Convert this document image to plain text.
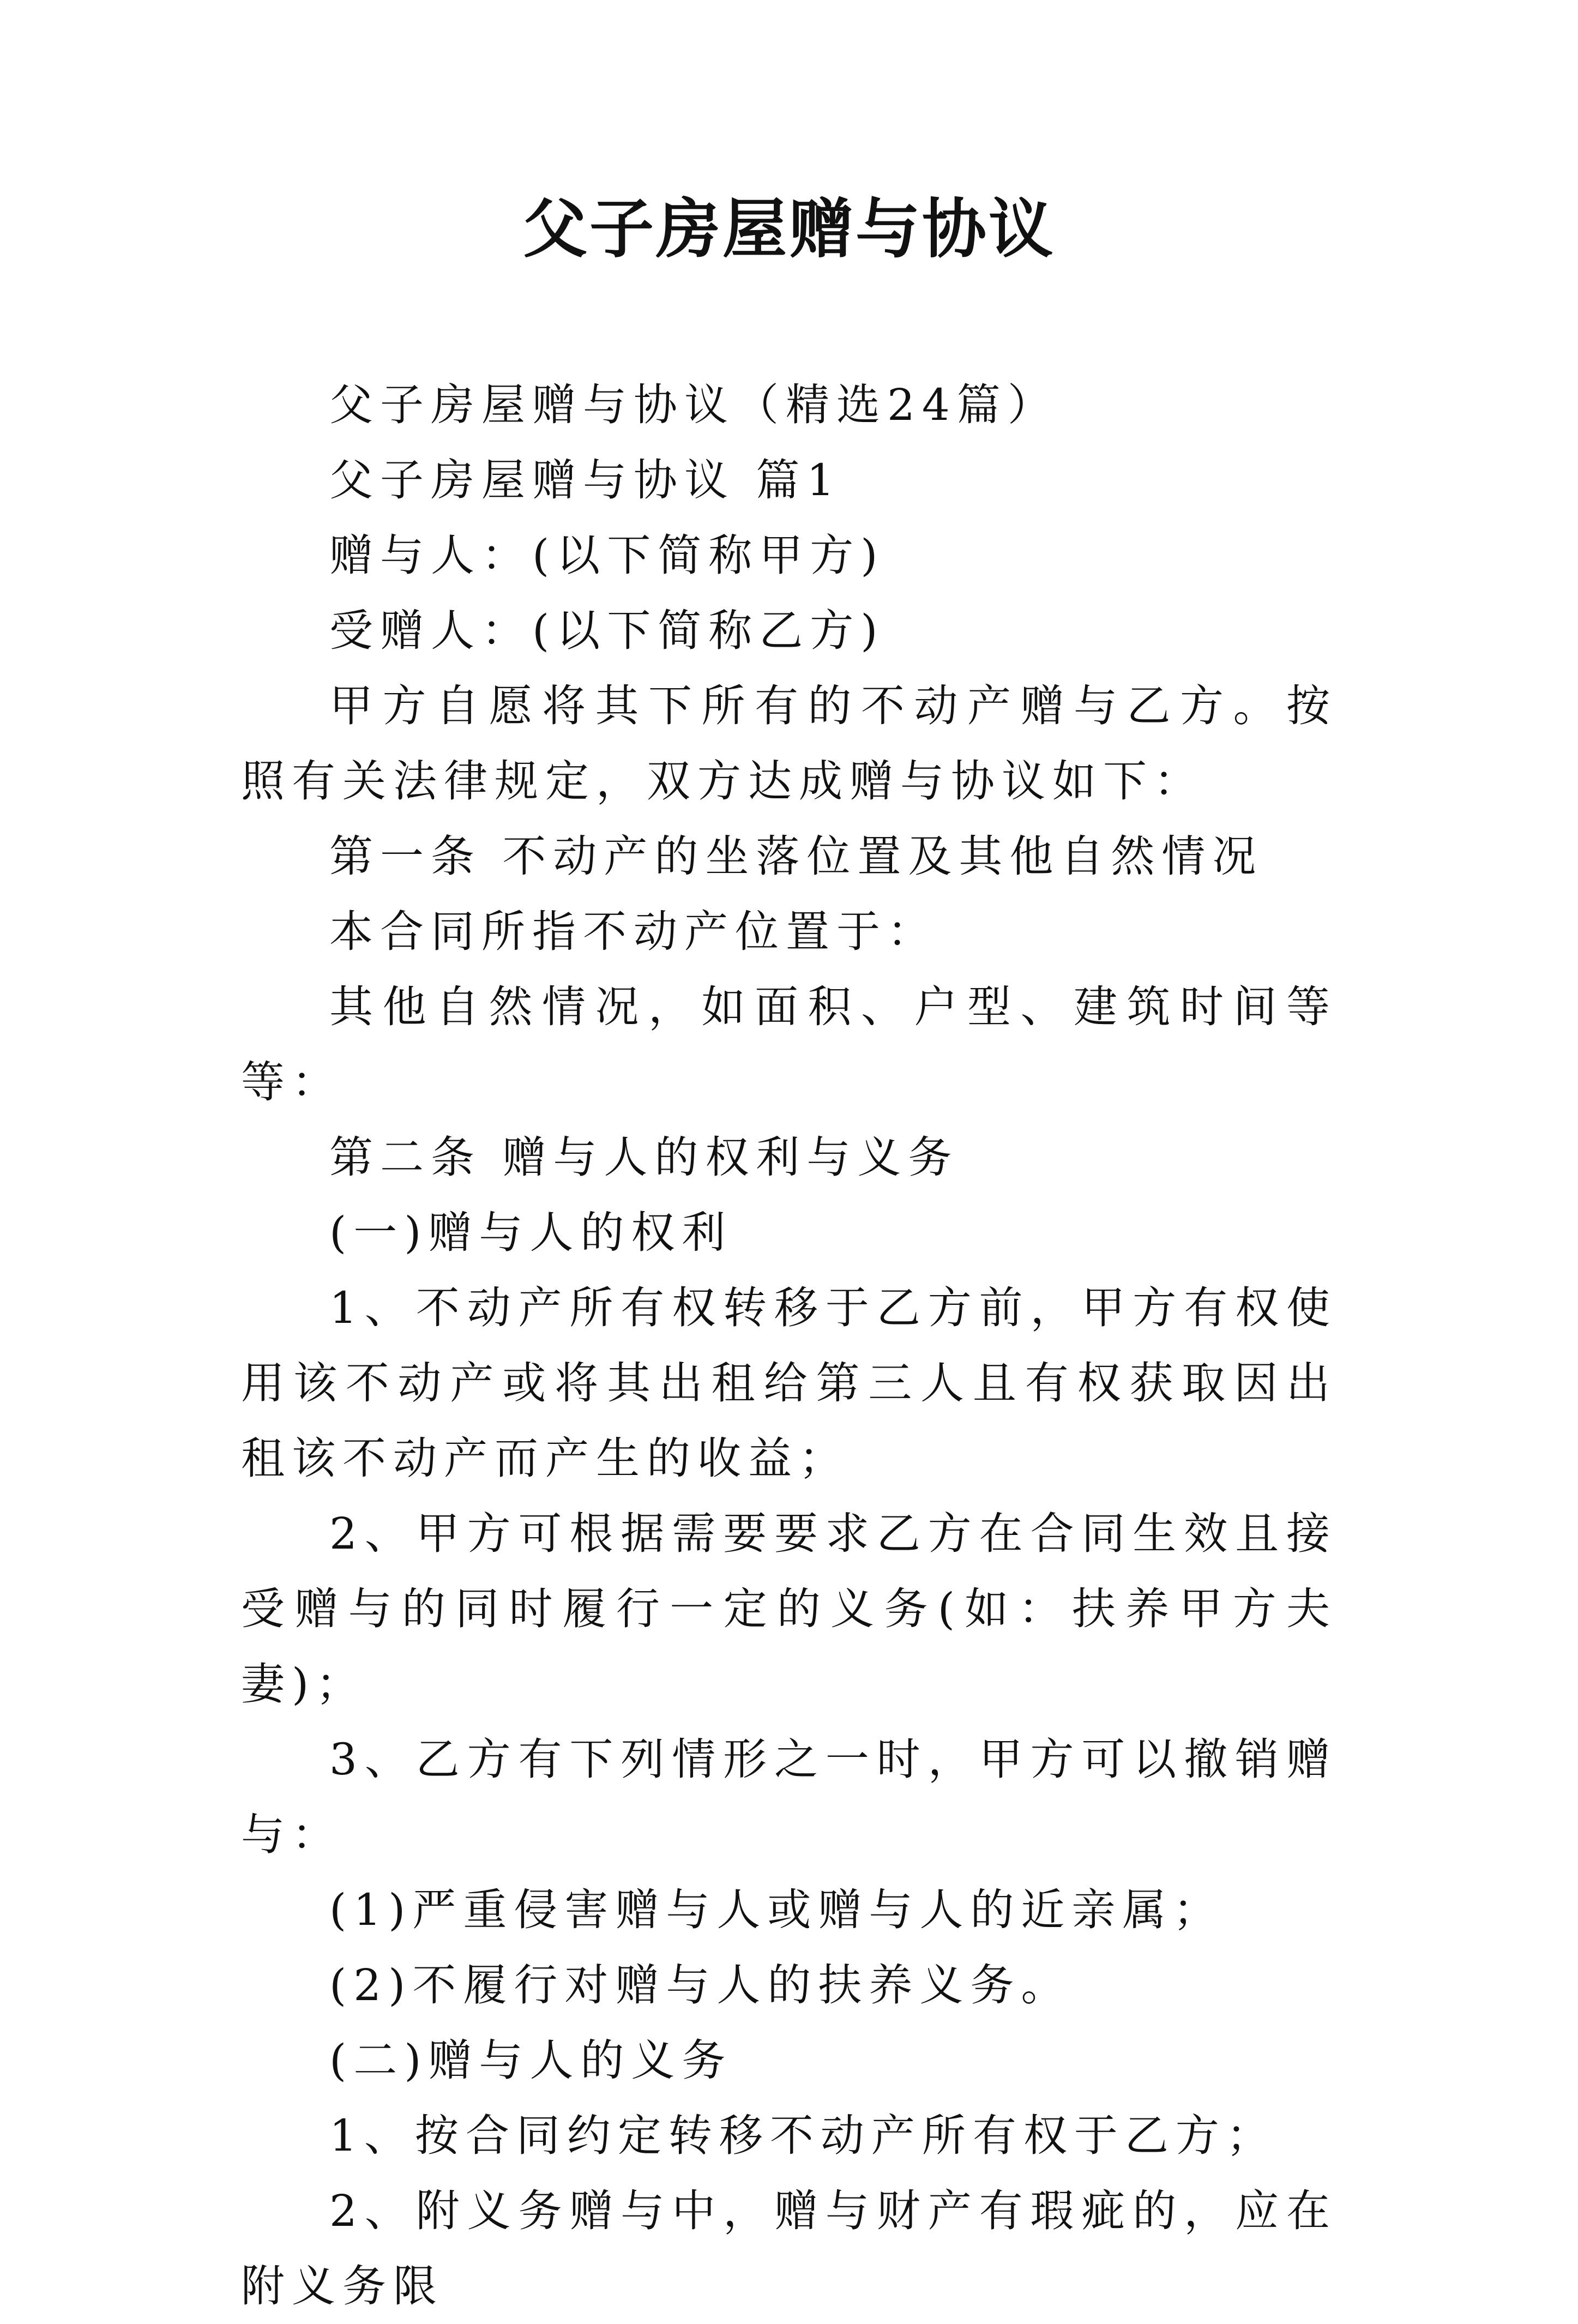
父子房屋赠与协议

父子房屋赠与协议（精选24篇）

父子房屋赠与协议 篇1

赠与人：(以下简称甲方)

受赠人：(以下简称乙方)

甲方自愿将其下所有的不动产赠与乙方。按照有关法律规定，双方达成赠与协议如下：

第一条 不动产的坐落位置及其他自然情况

本合同所指不动产位置于：

其他自然情况，如面积、户型、建筑时间等等：

第二条 赠与人的权利与义务

(一)赠与人的权利

1、不动产所有权转移于乙方前，甲方有权使用该不动产或将其出租给第三人且有权获取因出租该不动产而产生的收益；

2、甲方可根据需要要求乙方在合同生效且接受赠与的同时履行一定的义务(如：扶养甲方夫妻)；

3、乙方有下列情形之一时，甲方可以撤销赠与：

(1)严重侵害赠与人或赠与人的近亲属；

(2)不履行对赠与人的扶养义务。

(二)赠与人的义务

1、按合同约定转移不动产所有权于乙方；

2、附义务赠与中，赠与财产有瑕疵的，应在附义务限
